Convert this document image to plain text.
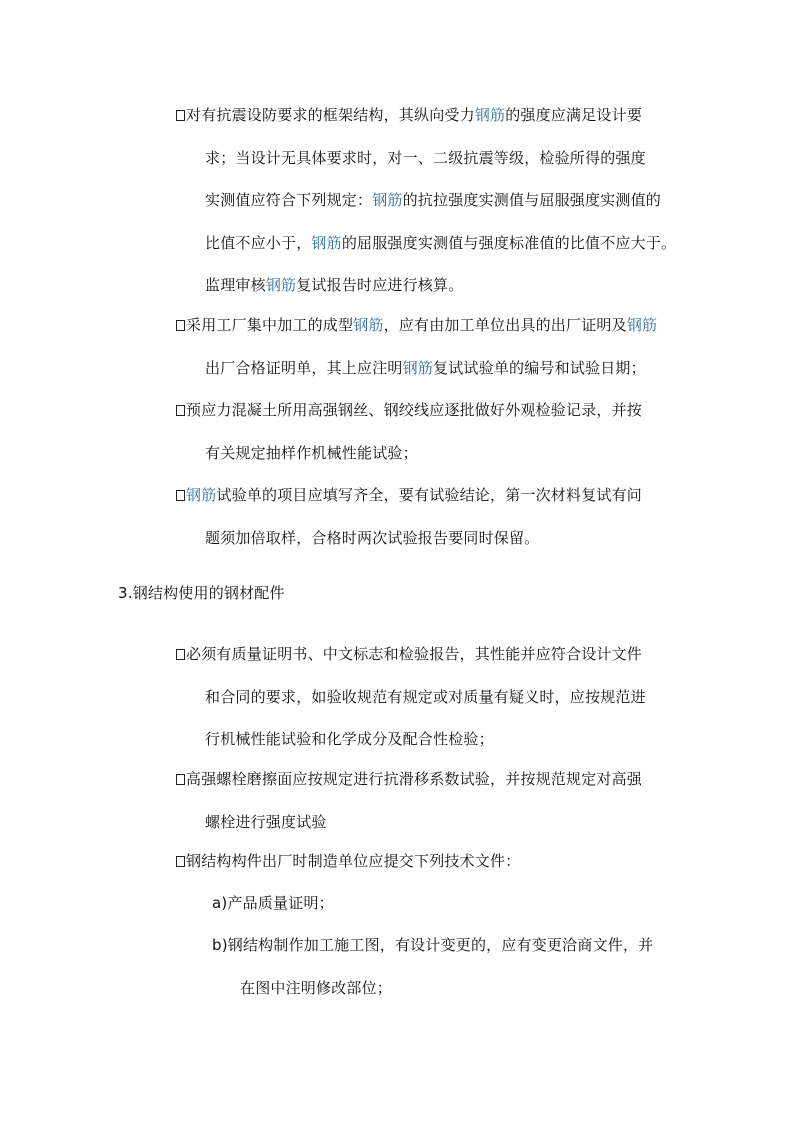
对有抗震设防要求的框架结构，其纵向受力钢筋的强度应满足设计要
求；当设计无具体要求时，对一、二级抗震等级，检验所得的强度
实测值应符合下列规定：钢筋的抗拉强度实测值与屈服强度实测值的
比值不应小于，钢筋的屈服强度实测值与强度标准值的比值不应大于。
监理审核钢筋复试报告时应进行核算。
采用工厂集中加工的成型钢筋，应有由加工单位出具的出厂证明及钢筋
出厂合格证明单，其上应注明钢筋复试试验单的编号和试验日期；
预应力混凝土所用高强钢丝、钢绞线应逐批做好外观检验记录，并按
有关规定抽样作机械性能试验；
钢筋试验单的项目应填写齐全，要有试验结论，第一次材料复试有问
题须加倍取样，合格时两次试验报告要同时保留。
3.钢结构使用的钢材配件
必须有质量证明书、中文标志和检验报告，其性能并应符合设计文件
和合同的要求，如验收规范有规定或对质量有疑义时，应按规范进
行机械性能试验和化学成分及配合性检验；
高强螺栓磨擦面应按规定进行抗滑移系数试验，并按规范规定对高强
螺栓进行强度试验
钢结构构件出厂时制造单位应提交下列技术文件：
a)产品质量证明；
b)钢结构制作加工施工图，有设计变更的，应有变更洽商文件，并
在图中注明修改部位；
